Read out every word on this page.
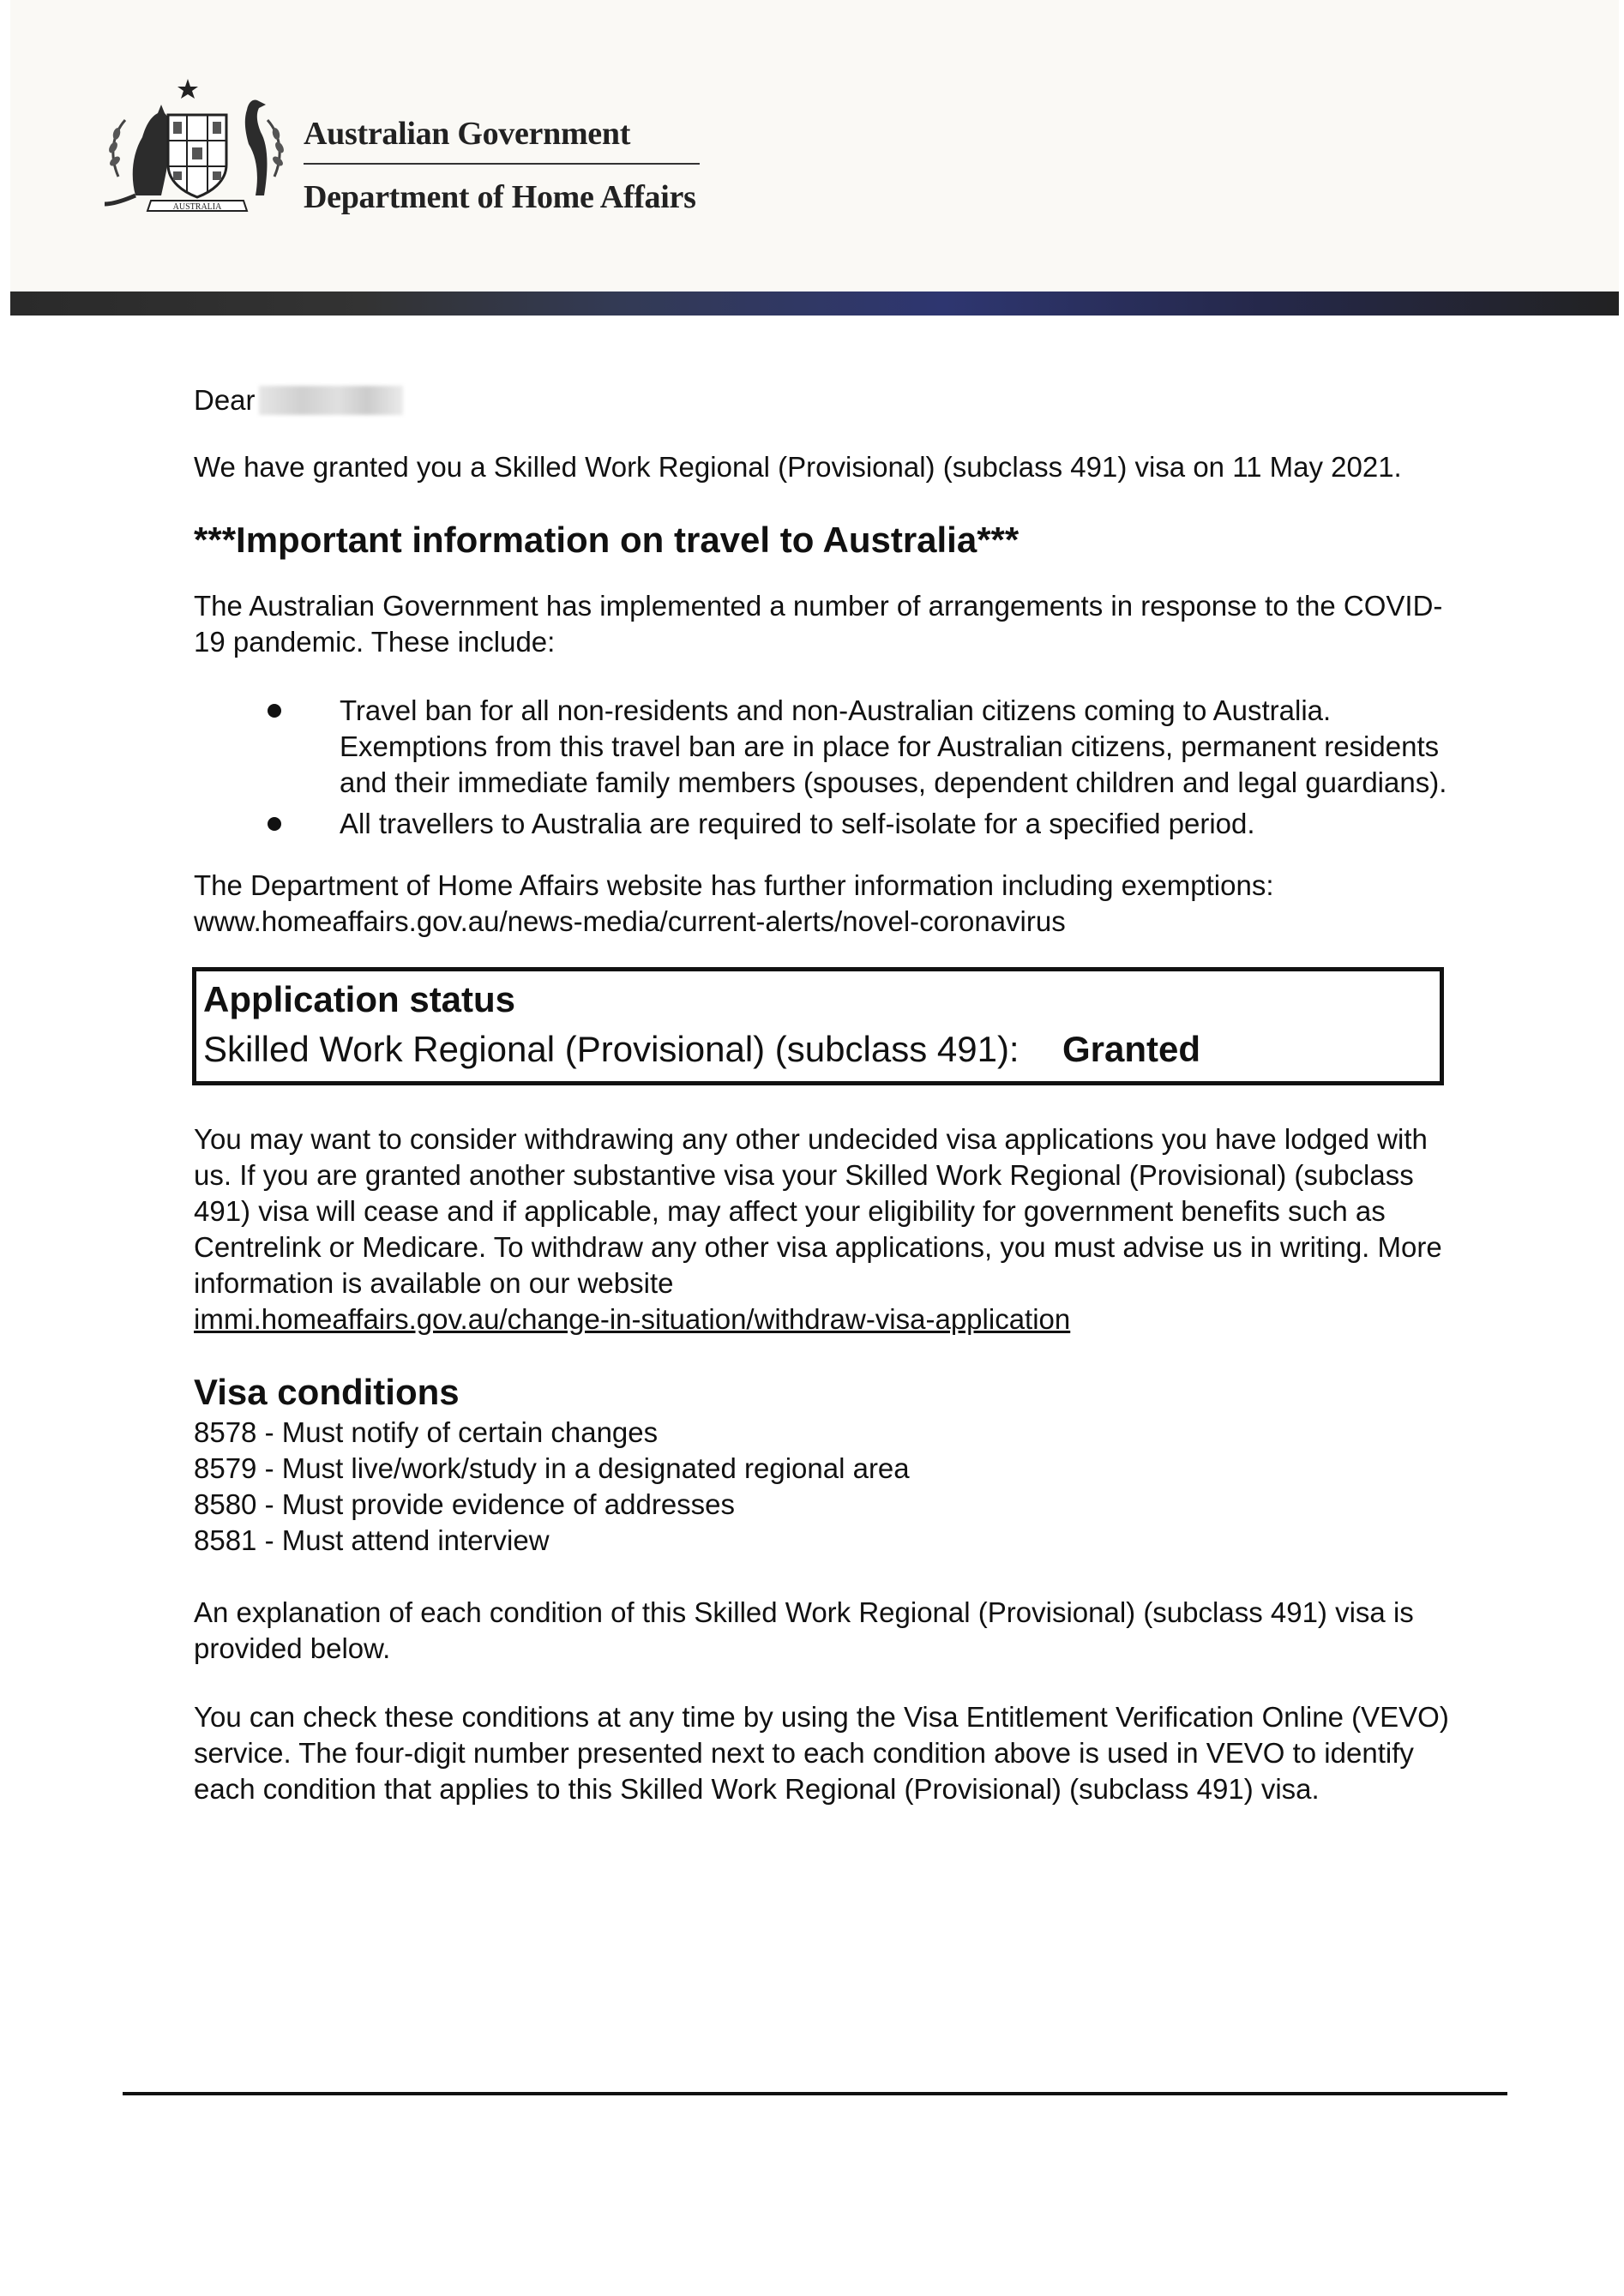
AUSTRALIA
Australian Government
Department of Home Affairs

Dear

We have granted you a Skilled Work Regional (Provisional) (subclass 491) visa on 11 May 2021.

***Important information on travel to Australia***

The Australian Government has implemented a number of arrangements in response to the COVID-19 pandemic. These include:

Travel ban for all non-residents and non-Australian citizens coming to Australia. Exemptions from this travel ban are in place for Australian citizens, permanent residents and their immediate family members (spouses, dependent children and legal guardians).
All travellers to Australia are required to self-isolate for a specified period.

The Department of Home Affairs website has further information including exemptions:
www.homeaffairs.gov.au/news-media/current-alerts/novel-coronavirus

Application status
Skilled Work Regional (Provisional) (subclass 491):	Granted

You may want to consider withdrawing any other undecided visa applications you have lodged with us. If you are granted another substantive visa your Skilled Work Regional (Provisional) (subclass 491) visa will cease and if applicable, may affect your eligibility for government benefits such as Centrelink or Medicare. To withdraw any other visa applications, you must advise us in writing. More information is available on our website
immi.homeaffairs.gov.au/change-in-situation/withdraw-visa-application

Visa conditions

8578 - Must notify of certain changes
8579 - Must live/work/study in a designated regional area
8580 - Must provide evidence of addresses
8581 - Must attend interview

An explanation of each condition of this Skilled Work Regional (Provisional) (subclass 491) visa is provided below.

You can check these conditions at any time by using the Visa Entitlement Verification Online (VEVO) service. The four-digit number presented next to each condition above is used in VEVO to identify each condition that applies to this Skilled Work Regional (Provisional) (subclass 491) visa.
